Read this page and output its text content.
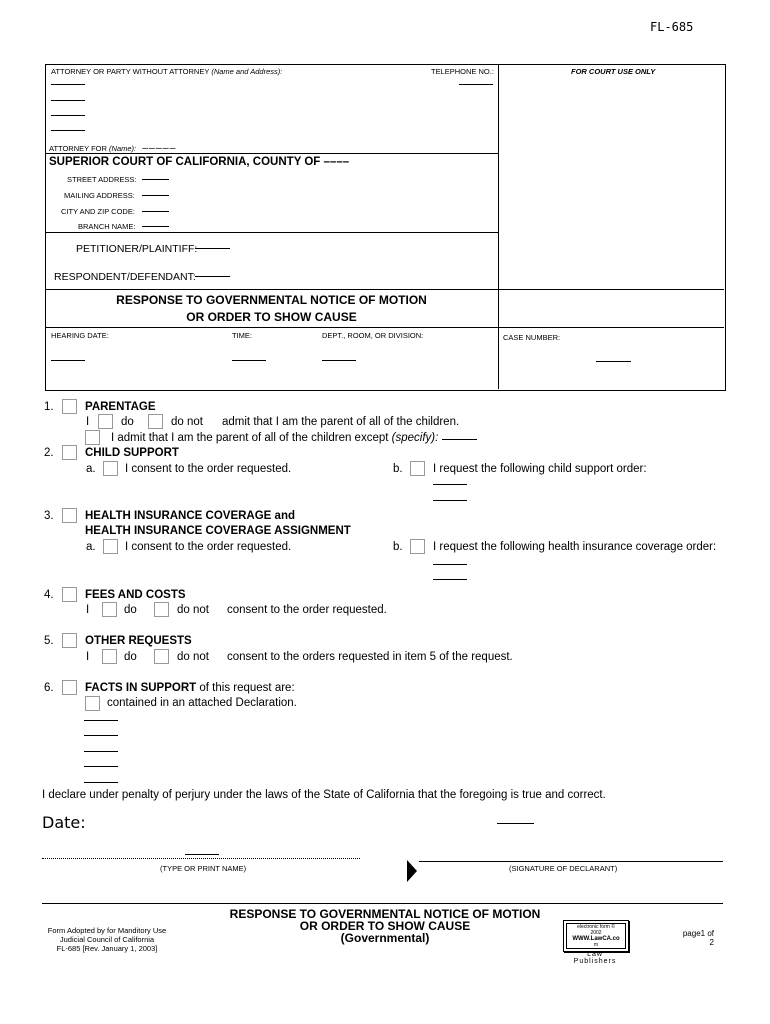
FL-685
ATTORNEY OR PARTY WITHOUT ATTORNEY (Name and Address):	TELEPHONE NO.:	FOR COURT USE ONLY
ATTORNEY FOR (Name): –––––
SUPERIOR COURT OF CALIFORNIA, COUNTY OF ––––
STREET ADDRESS:
MAILING ADDRESS:
CITY AND ZIP CODE:
BRANCH NAME:
PETITIONER/PLAINTIFF:
RESPONDENT/DEFENDANT:
RESPONSE TO GOVERNMENTAL NOTICE OF MOTION
OR ORDER TO SHOW CAUSE
HEARING DATE:	TIME:	DEPT., ROOM, OR DIVISION:	CASE NUMBER:
1.	PARENTAGE
I	do	do not admit that I am the parent of all of the children.
I admit that I am the parent of all of the children except (specify):
2.	CHILD SUPPORT
a.	I consent to the order requested.	b.	I request the following child support order:
3.	HEALTH INSURANCE COVERAGE and
HEALTH INSURANCE COVERAGE ASSIGNMENT
a.	I consent to the order requested.	b.	I request the following health insurance coverage order:
4.	FEES AND COSTS
I	do	do not consent to the order requested.
5.	OTHER REQUESTS
I	do	do not consent to the orders requested in item 5 of the request.
6.	FACTS IN SUPPORT of this request are:
contained in an attached Declaration.
I declare under penalty of perjury under the laws of the State of California that the foregoing is true and correct.
Date:
(TYPE OR PRINT NAME)	(SIGNATURE OF DECLARANT)
Form Adopted by for Manditory Use
Judicial Council of California
FL-685 [Rev. January 1, 2003]
RESPONSE TO GOVERNMENTAL NOTICE OF MOTION
OR ORDER TO SHOW CAUSE
(Governmental)
electronic form ©
2002
WWW.LawCA.co
m
Law
Publishers
page1 of
2
